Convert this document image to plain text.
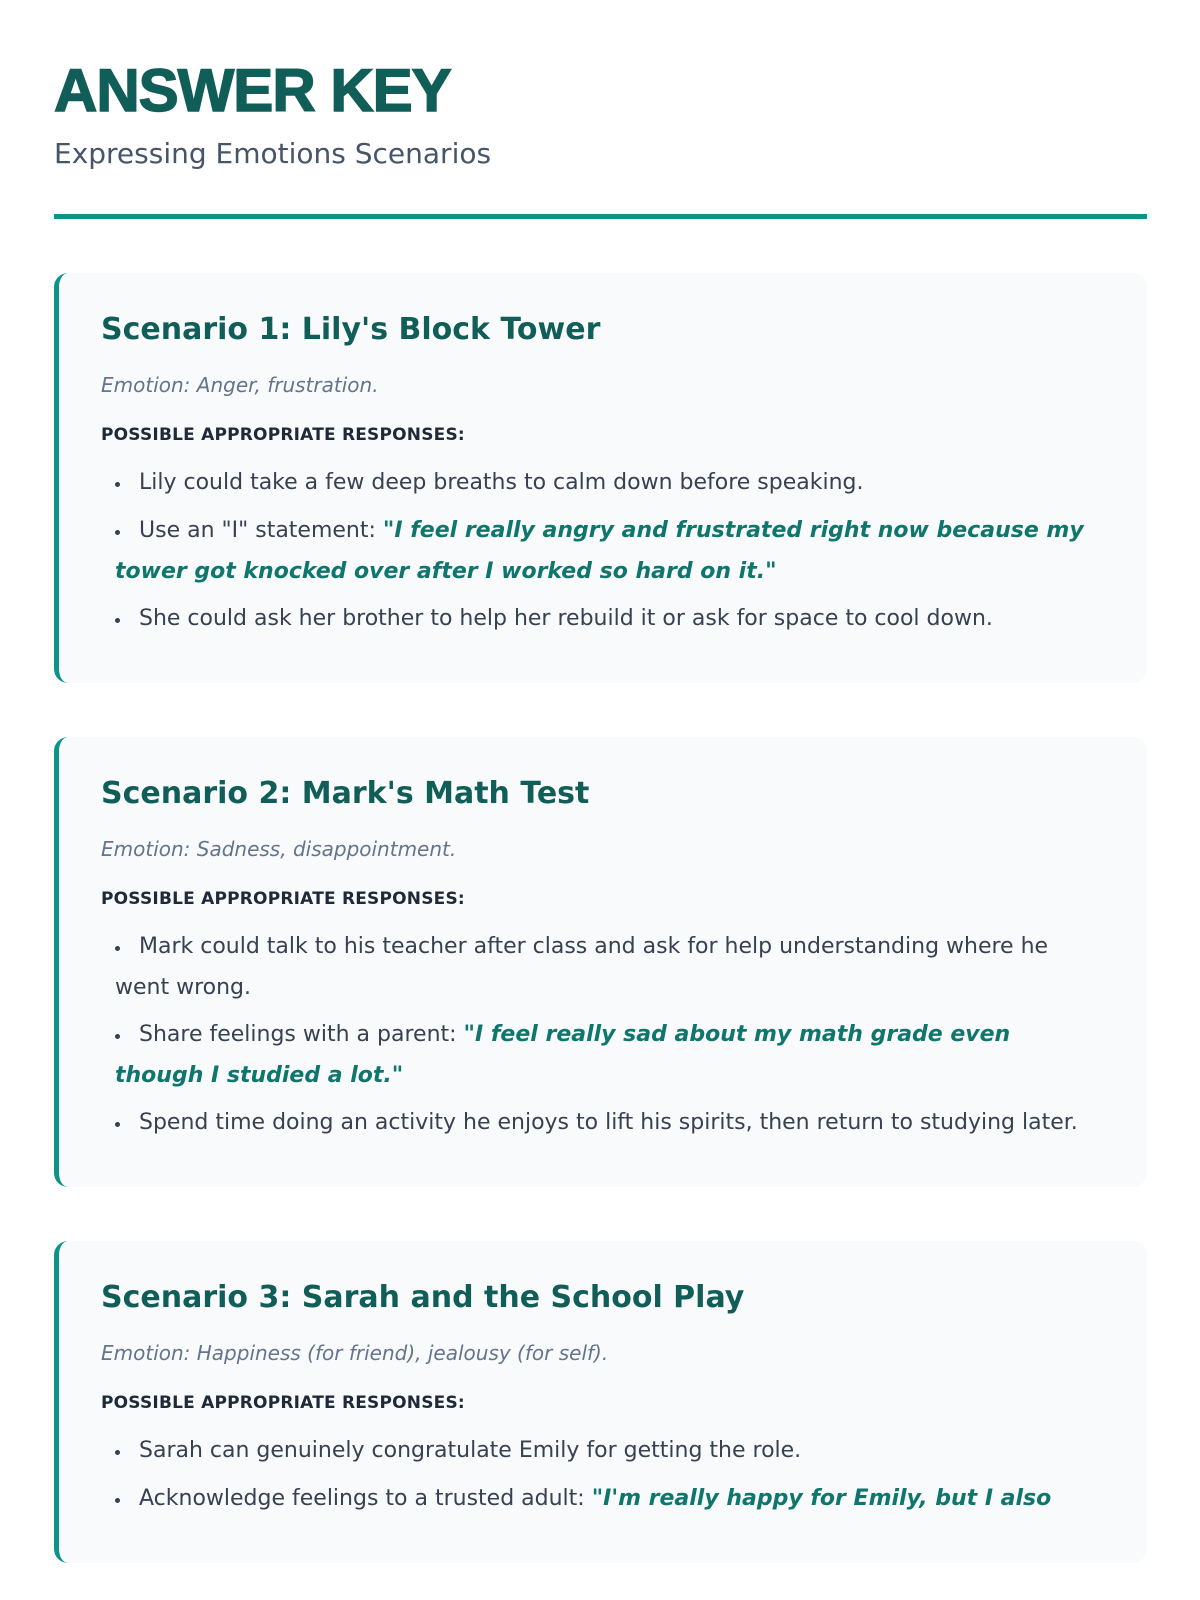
ANSWER KEY
Expressing Emotions Scenarios
Scenario 1: Lily's Block Tower
Emotion: Anger, frustration.
POSSIBLE APPROPRIATE RESPONSES:
• Lily could take a few deep breaths to calm down before speaking.
• Use an "I" statement: "I feel really angry and frustrated right now because my tower got knocked over after I worked so hard on it."
• She could ask her brother to help her rebuild it or ask for space to cool down.
Scenario 2: Mark's Math Test
Emotion: Sadness, disappointment.
POSSIBLE APPROPRIATE RESPONSES:
• Mark could talk to his teacher after class and ask for help understanding where he went wrong.
• Share feelings with a parent: "I feel really sad about my math grade even though I studied a lot."
• Spend time doing an activity he enjoys to lift his spirits, then return to studying later.
Scenario 3: Sarah and the School Play
Emotion: Happiness (for friend), jealousy (for self).
POSSIBLE APPROPRIATE RESPONSES:
• Sarah can genuinely congratulate Emily for getting the role.
• Acknowledge feelings to a trusted adult: "I'm really happy for Emily, but I also
